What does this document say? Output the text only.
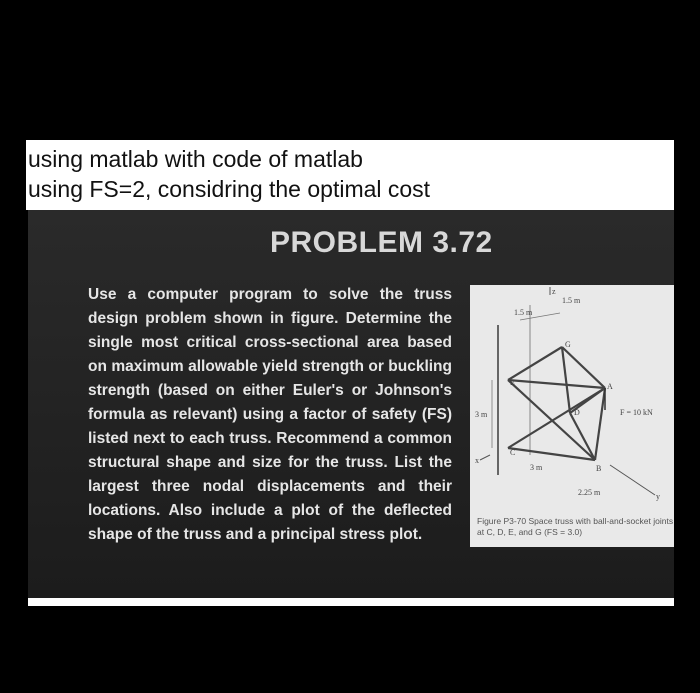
using matlab with code of matlab
using FS=2, considring the optimal cost
PROBLEM 3.72
Use a computer program to solve the truss design problem shown in figure. Determine the single most critical cross-sectional area based on maximum allowable yield strength or buckling strength (based on either Euler's or Johnson's formula as relevant) using a factor of safety (FS) listed next to each truss. Recommend a common structural shape and size for the truss. List the largest three nodal displacements and their locations. Also include a plot of the deflected shape of the truss and a principal stress plot.
1.5 m
1.5 m
3 m
3 m
2.25 m
F = 10 kN
A
B
C
D
E
G
x
y
z
Figure P3-70 Space truss with ball-and-socket joints at C, D, E, and G (FS = 3.0)
